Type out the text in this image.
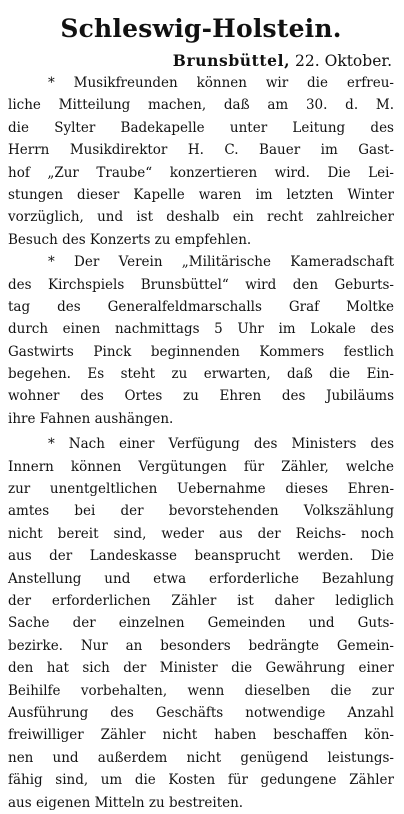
Schleswig-Holstein.
Brunsbüttel, 22. Oktober.
* Musikfreunden können wir die erfreu-
liche Mitteilung machen, daß am 30. d. M.
die Sylter Badekapelle unter Leitung des
Herrn Musikdirektor H. C. Bauer im Gast-
hof „Zur Traube“ konzertieren wird. Die Lei-
stungen dieser Kapelle waren im letzten Winter
vorzüglich, und ist deshalb ein recht zahlreicher
Besuch des Konzerts zu empfehlen.
* Der Verein „Militärische Kameradschaft
des Kirchspiels Brunsbüttel“ wird den Geburts-
tag des Generalfeldmarschalls Graf Moltke
durch einen nachmittags 5 Uhr im Lokale des
Gastwirts Pinck beginnenden Kommers festlich
begehen. Es steht zu erwarten, daß die Ein-
wohner des Ortes zu Ehren des Jubiläums
ihre Fahnen aushängen.
* Nach einer Verfügung des Ministers des
Innern können Vergütungen für Zähler, welche
zur unentgeltlichen Uebernahme dieses Ehren-
amtes bei der bevorstehenden Volkszählung
nicht bereit sind, weder aus der Reichs- noch
aus der Landeskasse beansprucht werden. Die
Anstellung und etwa erforderliche Bezahlung
der erforderlichen Zähler ist daher lediglich
Sache der einzelnen Gemeinden und Guts-
bezirke. Nur an besonders bedrängte Gemein-
den hat sich der Minister die Gewährung einer
Beihilfe vorbehalten, wenn dieselben die zur
Ausführung des Geschäfts notwendige Anzahl
freiwilliger Zähler nicht haben beschaffen kön-
nen und außerdem nicht genügend leistungs-
fähig sind, um die Kosten für gedungene Zähler
aus eigenen Mitteln zu bestreiten.
